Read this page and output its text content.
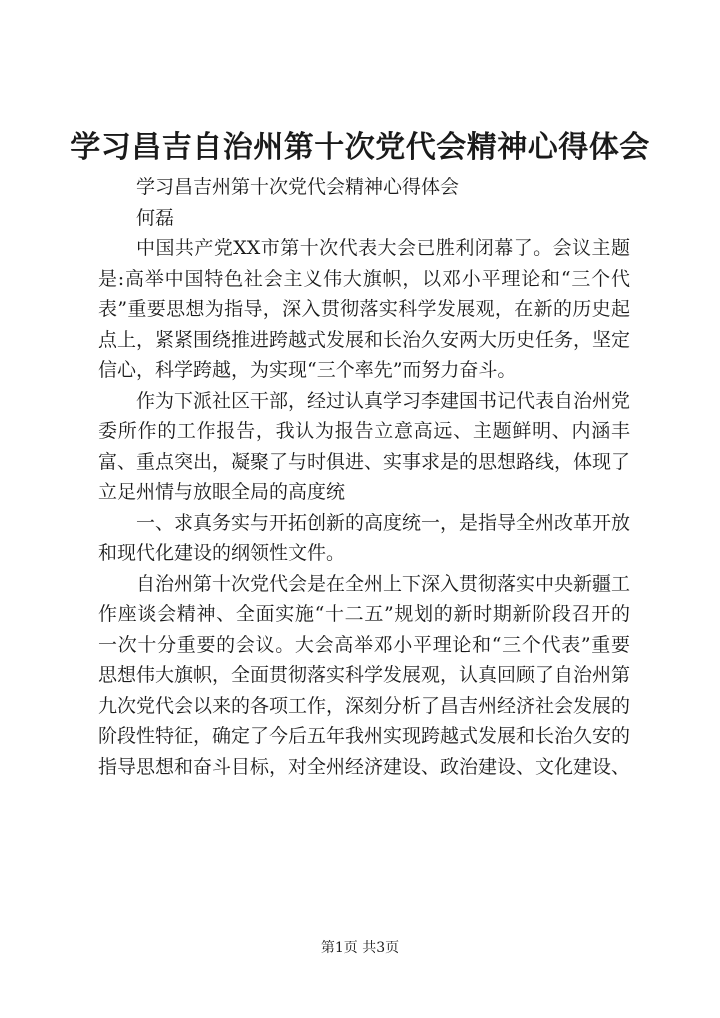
学习昌吉自治州第十次党代会精神心得体会

学习昌吉州第十次党代会精神心得体会

何磊

中国共产党XX市第十次代表大会已胜利闭幕了。会议主题是:高举中国特色社会主义伟大旗帜，以邓小平理论和“三个代表”重要思想为指导，深入贯彻落实科学发展观，在新的历史起点上，紧紧围绕推进跨越式发展和长治久安两大历史任务，坚定信心，科学跨越，为实现“三个率先”而努力奋斗。

作为下派社区干部，经过认真学习李建国书记代表自治州党委所作的工作报告，我认为报告立意高远、主题鲜明、内涵丰富、重点突出，凝聚了与时俱进、实事求是的思想路线，体现了立足州情与放眼全局的高度统

一、求真务实与开拓创新的高度统一，是指导全州改革开放和现代化建设的纲领性文件。

自治州第十次党代会是在全州上下深入贯彻落实中央新疆工作座谈会精神、全面实施“十二五”规划的新时期新阶段召开的一次十分重要的会议。大会高举邓小平理论和“三个代表”重要思想伟大旗帜，全面贯彻落实科学发展观，认真回顾了自治州第九次党代会以来的各项工作，深刻分析了昌吉州经济社会发展的阶段性特征，确定了今后五年我州实现跨越式发展和长治久安的指导思想和奋斗目标，对全州经济建设、政治建设、文化建设、

第1页 共3页
